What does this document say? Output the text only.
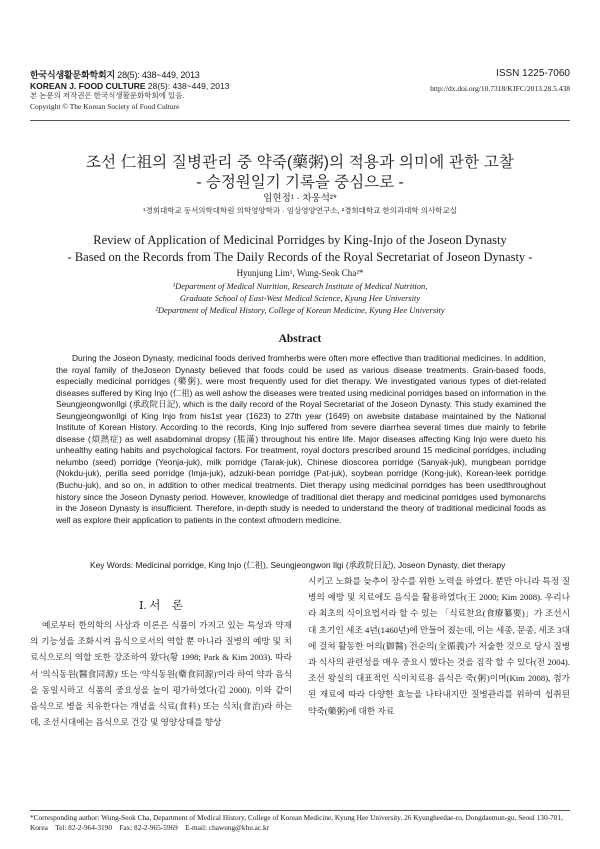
한국식생활문화학회지 28(5): 438~449, 2013
KOREAN J. FOOD CULTURE 28(5): 438~449, 2013
본 논문의 저작권은 한국식생활문화학회에 있음.
Copyright © The Korean Society of Food Culture
ISSN 1225-7060
http://dx.doi.org/10.7318/KJFC/2013.28.5.438
조선 仁祖의 질병관리 중 약죽(藥粥)의 적용과 의미에 관한 고찰
- 승정원일기 기록을 중심으로 -
임현정¹ · 차웅석²*
¹경희대학교 동서의학대학원 의학영양학과 · 임상영양연구소, ²경희대학교 한의과대학 의사학교실
Review of Application of Medicinal Porridges by King-Injo of the Joseon Dynasty
- Based on the Records from The Daily Records of the Royal Secretariat of Joseon Dynasty -
Hyunjung Lim¹, Wung-Seok Cha²*
¹Department of Medical Nutrition, Research Institute of Medical Nutrition,
Graduate School of East-West Medical Science, Kyung Hee University
²Department of Medical History, College of Korean Medicine, Kyung Hee University
Abstract

During the Joseon Dynasty, medicinal foods derived fromherbs were often more effective than traditional medicines. In addition, the royal family of theJoseon Dynasty believed that foods could be used as various disease treatments. Grain-based foods, especially medicinal porridges (藥粥), were most frequently used for diet therapy. We investigated various types of diet-related diseases suffered by King Injo (仁祖) as well ashow the diseases were treated using medicinal porridges based on information in the SeungjeongwonIlgi (承政院日記), which is the daily record of the Royal Secretariat of the Joseon Dynasty. This study examined the SeungjeongwonIlgi of King Injo from his1st year (1623) to 27th year (1649) on awebsite database maintained by the National Institute of Korean History. According to the records, King Injo suffered from severe diarrhea several times due mainly to febrile disease (煩熱症) as well asabdominal dropsy (脹滿) throughout his entire life. Major diseases affecting King Injo were dueto his unhealthy eating habits and psychological factors. For treatment, royal doctors prescribed around 15 medicinal porridges, including nelumbo (seed) porridge (Yeonja-juk), milk porridge (Tarak-juk), Chinese dioscorea porridge (Sanyak-juk), mungbean porridge (Nokdu-juk), perilla seed porridge (Imja-juk), adzuki-bean porridge (Pat-juk), soybean porridge (Kong-juk), Korean-leek porridge (Buchu-juk), and so on, in addition to other medical treatments. Diet therapy using medicinal porridges has been usedthroughout history since the Joseon Dynasty period. However, knowledge of traditional diet therapy and medicinal porridges used bymonarchs in the Joseon Dynasty is insufficient. Therefore, in-depth study is needed to understand the theory of traditional medicinal foods as well as explore their application to patients in the context ofmodern medicine.

Key Words: Medicinal porridge, King Injo (仁祖), Seungjeongwon Ilgi (承政院日記), Joseon Dynasty, diet therapy
Ⅰ. 서　론

예로부터 한의학의 사상과 이론은 식품이 가지고 있는 특성과 약재의 기능성을 조화시켜 음식으로서의 역할 뿐 아니라 질병의 예방 및 치료식으로의 역할 또한 강조하여 왔다(황 1998; Park & Kim 2003). 따라서 '의식동원(醫食同源)' 또는 '약식동원(藥食同源)'이라 하여 약과 음식을 동일시하고 식품의 중요성을 높이 평가하였다(김 2000). 이와 같이 음식으로 병을 치유한다는 개념을 식료(食料) 또는 식치(食治)라 하는데, 조선시대에는 음식으로 건강 및 영양상태를 향상

시키고 노화를 늦추어 장수를 위한 노력을 하였다. 뿐만 아니라 특정 질병의 예방 및 치료에도 음식을 활용하였다(王 2000; Kim 2008). 우리나라 최초의 식이요법서라 할 수 있는 「식료찬요(食療纂要)」가 조선시대 초기인 세조 4년(1460년)에 만들어 졌는데, 이는 세종, 문종, 세조 3대에 걸쳐 활동한 어의(御醫) 전순의(全循義)가 저술한 것으로 당시 질병과 식사의 관련성을 매우 중요시 했다는 것을 짐작 할 수 있다(전 2004). 조선 왕실의 대표적인 식이치료용 음식은 죽(粥)이며(Kim 2008), 첨가된 재료에 따라 다양한 효능을 나타내지만 질병관리를 위하여 섭취된 약죽(藥粥)에 대한 자료

*Corresponding author: Wung-Seok Cha, Department of Medical History, College of Korean Medicine, Kyung Hee University. 26 Kyungheedae-ro, Dongdaemun-gu, Seoul 130-701, Korea　Tel: 82-2-964-3190　Fax: 82-2-965-5969　E-mail: chawung@khu.ac.kr
